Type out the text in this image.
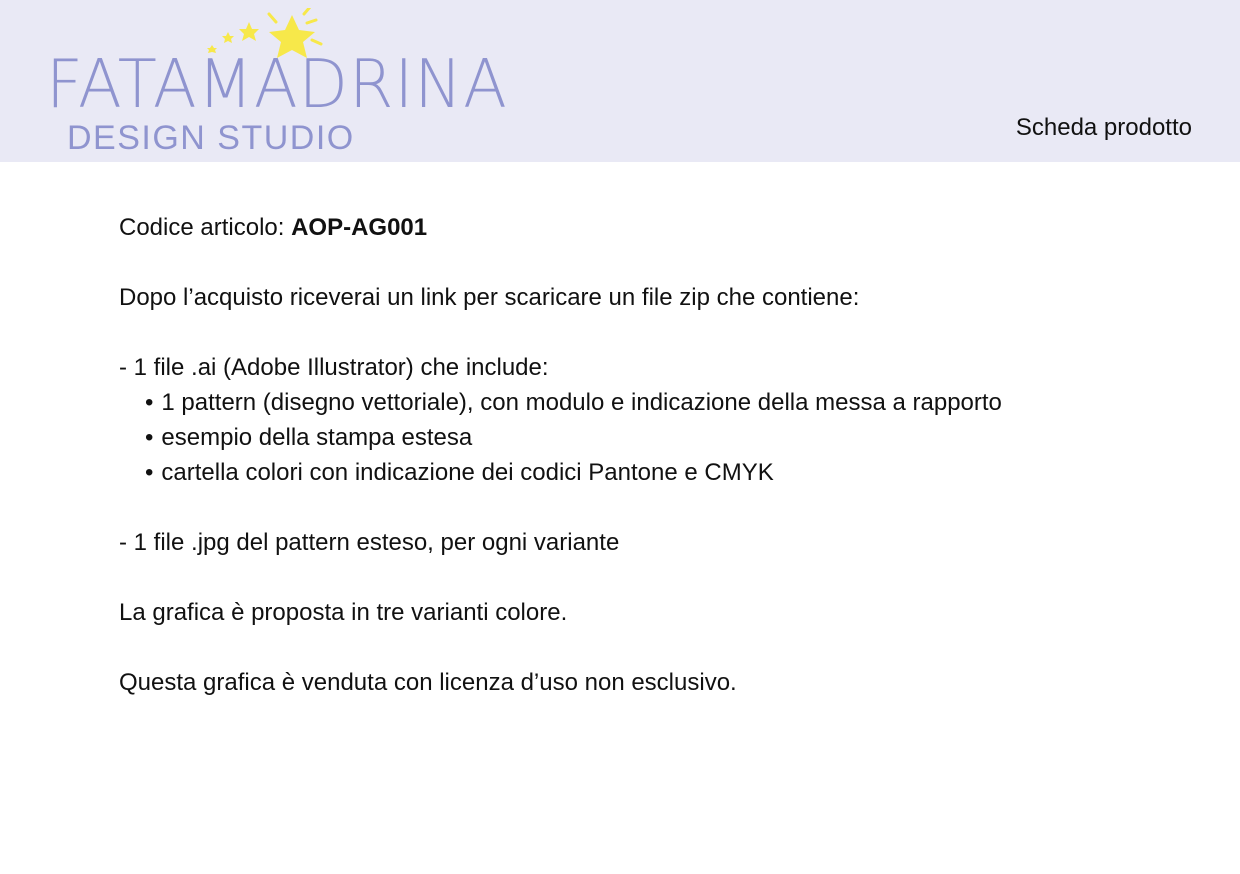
FATAMADRINA
DESIGN STUDIO	Scheda prodotto
Codice articolo: AOP-AG001
Dopo l’acquisto riceverai un link per scaricare un file zip che contiene:
- 1 file .ai (Adobe Illustrator) che include:
• 1 pattern (disegno vettoriale), con modulo e indicazione della messa a rapporto
• esempio della stampa estesa
• cartella colori con indicazione dei codici Pantone e CMYK
- 1 file .jpg del pattern esteso, per ogni variante
La grafica è proposta in tre varianti colore.
Questa grafica è venduta con licenza d’uso non esclusivo.
